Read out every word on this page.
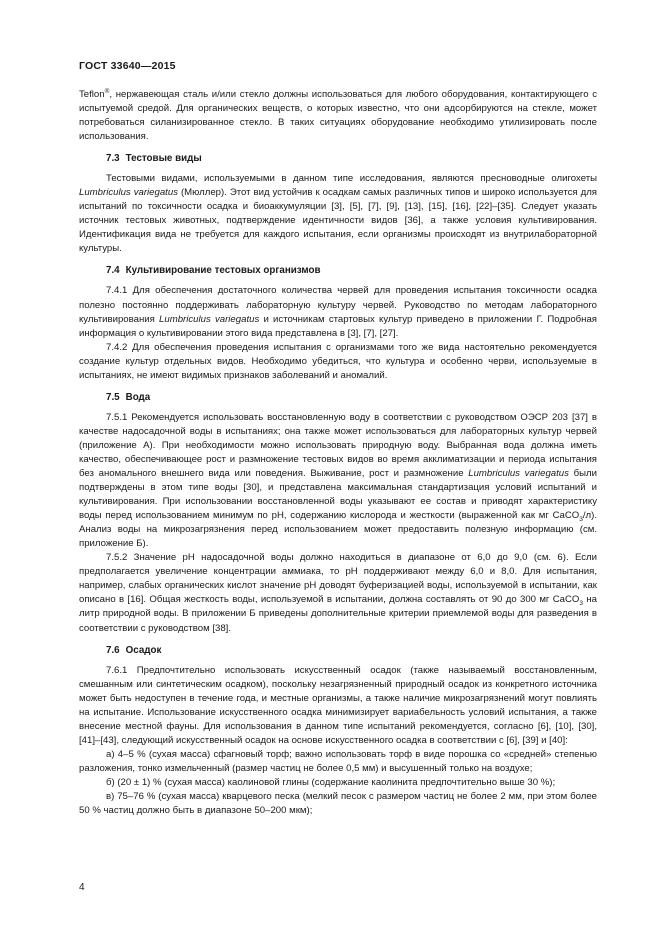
ГОСТ 33640—2015

Teflon®, нержавеющая сталь и/или стекло должны использоваться для любого оборудования, контактирующего с испытуемой средой. Для органических веществ, о которых известно, что они адсорбируются на стекле, может потребоваться силанизированное стекло. В таких ситуациях оборудование необходимо утилизировать после использования.

7.3 Тестовые виды

Тестовыми видами, используемыми в данном типе исследования, являются пресноводные олигохеты Lumbriculus variegatus (Мюллер). Этот вид устойчив к осадкам самых различных типов и широко используется для испытаний по токсичности осадка и биоаккумуляции [3], [5], [7], [9], [13], [15], [16], [22]–[35]. Следует указать источник тестовых животных, подтверждение идентичности видов [36], а также условия культивирования. Идентификация вида не требуется для каждого испытания, если организмы происходят из внутрилабораторной культуры.

7.4 Культивирование тестовых организмов

7.4.1 Для обеспечения достаточного количества червей для проведения испытания токсичности осадка полезно постоянно поддерживать лабораторную культуру червей. Руководство по методам лабораторного культивирования Lumbriculus variegatus и источникам стартовых культур приведено в приложении Г. Подробная информация о культивировании этого вида представлена в [3], [7], [27].

7.4.2 Для обеспечения проведения испытания с организмами того же вида настоятельно рекомендуется создание культур отдельных видов. Необходимо убедиться, что культура и особенно черви, используемые в испытаниях, не имеют видимых признаков заболеваний и аномалий.

7.5 Вода

7.5.1 Рекомендуется использовать восстановленную воду в соответствии с руководством ОЭСР 203 [37] в качестве надосадочной воды в испытаниях; она также может использоваться для лабораторных культур червей (приложение А). При необходимости можно использовать природную воду. Выбранная вода должна иметь качество, обеспечивающее рост и размножение тестовых видов во время акклиматизации и периода испытания без аномального внешнего вида или поведения. Выживание, рост и размножение Lumbriculus variegatus были подтверждены в этом типе воды [30], и представлена максимальная стандартизация условий испытаний и культивирования. При использовании восстановленной воды указывают ее состав и приводят характеристику воды перед использованием минимум по pH, содержанию кислорода и жесткости (выраженной как мг CaCO$_3$/л). Анализ воды на микрозагрязнения перед использованием может предоставить полезную информацию (см. приложение Б).

7.5.2 Значение pH надосадочной воды должно находиться в диапазоне от 6,0 до 9,0 (см. 6). Если предполагается увеличение концентрации аммиака, то pH поддерживают между 6,0 и 8,0. Для испытания, например, слабых органических кислот значение pH доводят буферизацией воды, используемой в испытании, как описано в [16]. Общая жесткость воды, используемой в испытании, должна составлять от 90 до 300 мг CaCO$_3$ на литр природной воды. В приложении Б приведены дополнительные критерии приемлемой воды для разведения в соответствии с руководством [38].

7.6 Осадок

7.6.1 Предпочтительно использовать искусственный осадок (также называемый восстановленным, смешанным или синтетическим осадком), поскольку незагрязненный природный осадок из конкретного источника может быть недоступен в течение года, и местные организмы, а также наличие микрозагрязнений могут повлиять на испытание. Использование искусственного осадка минимизирует вариабельность условий испытания, а также внесение местной фауны. Для использования в данном типе испытаний рекомендуется, согласно [6], [10], [30], [41]–[43], следующий искусственный осадок на основе искусственного осадка в соответствии с [6], [39] и [40]:

а) 4–5 % (сухая масса) сфагновый торф; важно использовать торф в виде порошка со «средней» степенью разложения, тонко измельченный (размер частиц не более 0,5 мм) и высушенный только на воздухе;

б) (20 ± 1) % (сухая масса) каолиновой глины (содержание каолинита предпочтительно выше 30 %);

в) 75–76 % (сухая масса) кварцевого песка (мелкий песок с размером частиц не более 2 мм, при этом более 50 % частиц должно быть в диапазоне 50–200 мкм);

4
